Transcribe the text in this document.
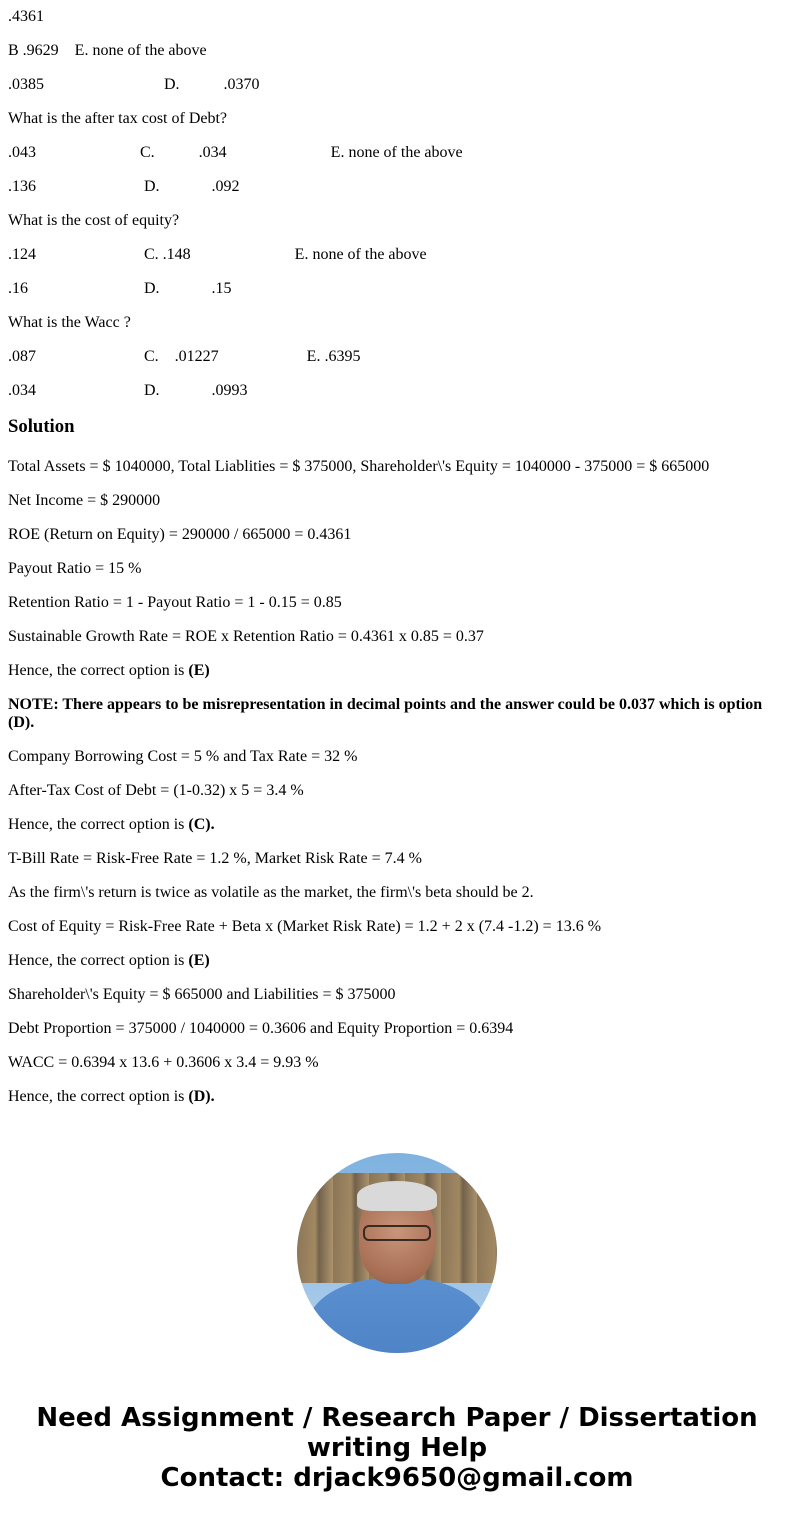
.4361

B .9629    E. none of the above

.0385                              D.           .0370

What is the after tax cost of Debt?

.043                          C.           .034                          E. none of the above

.136                           D.             .092

What is the cost of equity?

.124                           C. .148                          E. none of the above

.16                             D.             .15

What is the Wacc ?

.087                           C.    .01227                      E. .6395

.034                           D.             .0993

Solution

Total Assets = $ 1040000, Total Liablities = $ 375000, Shareholder\'s Equity = 1040000 - 375000 = $ 665000

Net Income = $ 290000

ROE (Return on Equity) = 290000 / 665000 = 0.4361

Payout Ratio = 15 %

Retention Ratio = 1 - Payout Ratio = 1 - 0.15 = 0.85

Sustainable Growth Rate = ROE x Retention Ratio = 0.4361 x 0.85 = 0.37

Hence, the correct option is (E)

NOTE: There appears to be misrepresentation in decimal points and the answer could be 0.037 which is option (D).

Company Borrowing Cost = 5 % and Tax Rate = 32 %

After-Tax Cost of Debt = (1-0.32) x 5 = 3.4 %

Hence, the correct option is (C).

T-Bill Rate = Risk-Free Rate = 1.2 %, Market Risk Rate = 7.4 %

As the firm\'s return is twice as volatile as the market, the firm\'s beta should be 2.

Cost of Equity = Risk-Free Rate + Beta x (Market Risk Rate) = 1.2 + 2 x (7.4 -1.2) = 13.6 %

Hence, the correct option is (E)

Shareholder\'s Equity = $ 665000 and Liabilities = $ 375000

Debt Proportion = 375000 / 1040000 = 0.3606 and Equity Proportion = 0.6394

WACC = 0.6394 x 13.6 + 0.3606 x 3.4 = 9.93 %

Hence, the correct option is (D).

Need Assignment / Research Paper / Dissertation
writing Help
Contact: drjack9650@gmail.com
